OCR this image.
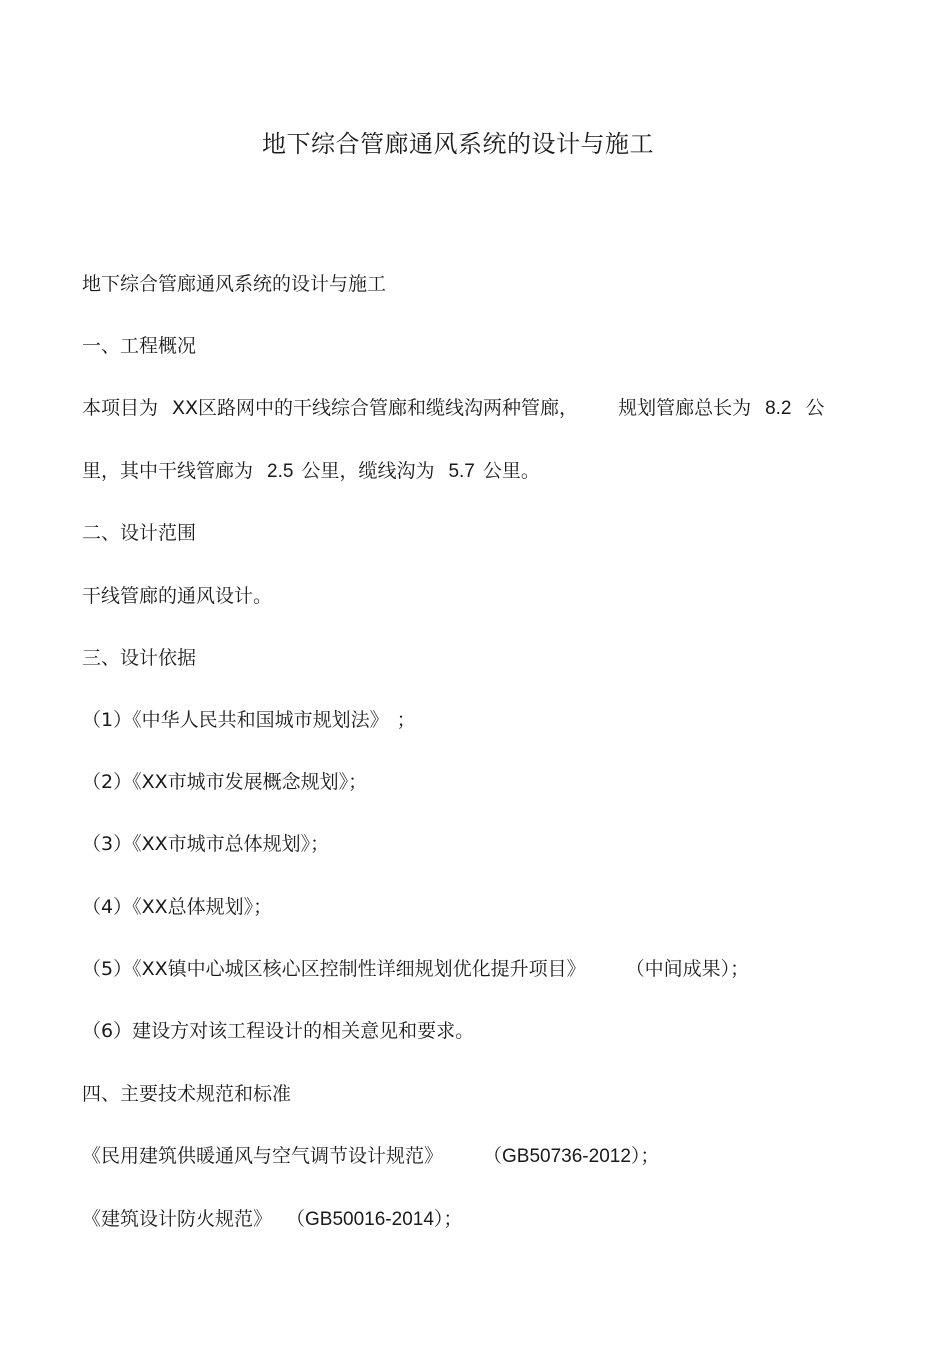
地下综合管廊通风系统的设计与施工
地下综合管廊通风系统的设计与施工
一、工程概况
本项目为 XX区路网中的干线综合管廊和缆线沟两种管廊， 规划管廊总长为 8.2 公
里，其中干线管廊为 2.5 公里，缆线沟为 5.7 公里。
二、设计范围
干线管廊的通风设计。
三、设计依据
（1）《中华人民共和国城市规划法》 ；
（2）《XX市城市发展概念规划》；
（3）《XX市城市总体规划》；
（4）《XX总体规划》；
（5）《XX镇中心城区核心区控制性详细规划优化提升项目》 （中间成果）；
（6）建设方对该工程设计的相关意见和要求。
四、主要技术规范和标准
《民用建筑供暖通风与空气调节设计规范》 （GB50736-2012）；
《建筑设计防火规范》 （GB50016-2014）；
